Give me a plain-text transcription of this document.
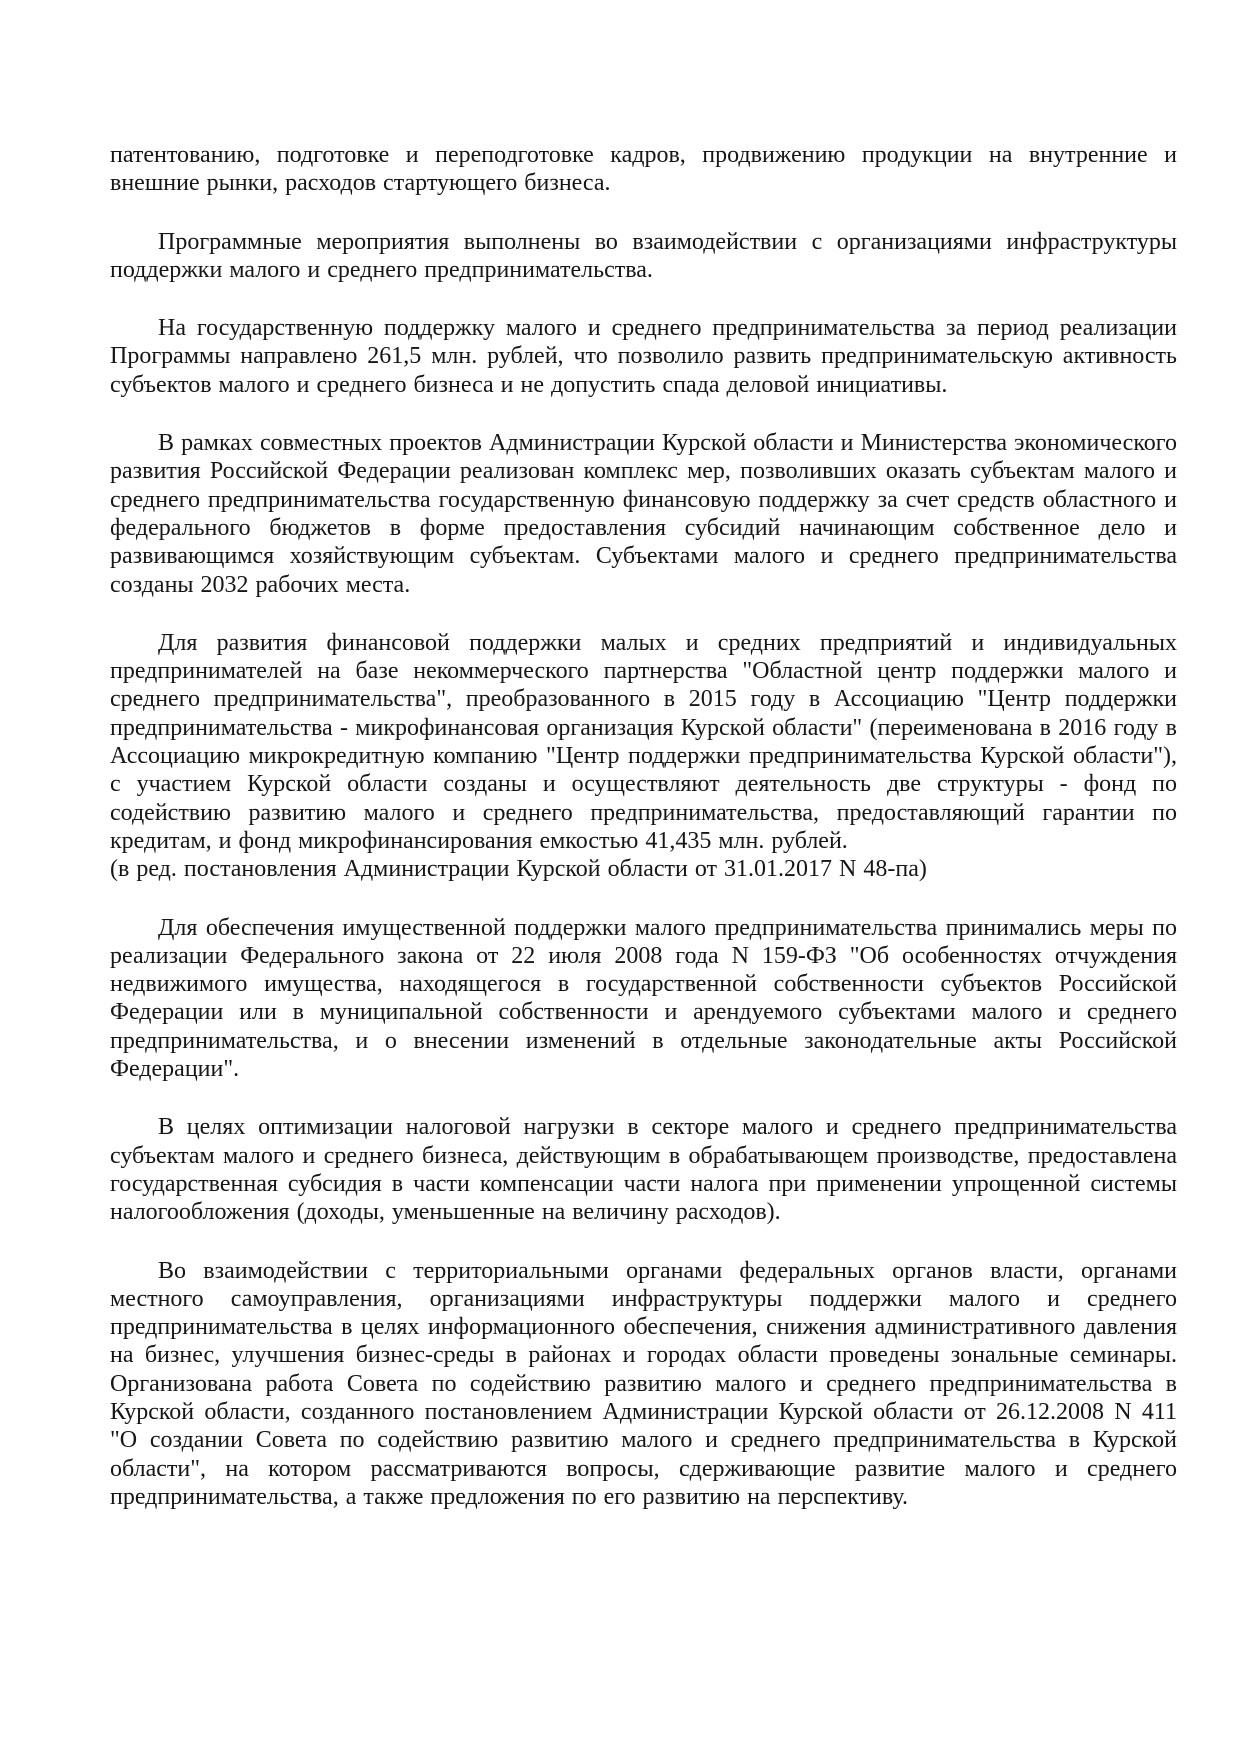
патентованию, подготовке и переподготовке кадров, продвижению продукции на внутренние и внешние рынки, расходов стартующего бизнеса.

Программные мероприятия выполнены во взаимодействии с организациями инфраструктуры поддержки малого и среднего предпринимательства.

На государственную поддержку малого и среднего предпринимательства за период реализации Программы направлено 261,5 млн. рублей, что позволило развить предпринимательскую активность субъектов малого и среднего бизнеса и не допустить спада деловой инициативы.

В рамках совместных проектов Администрации Курской области и Министерства экономического развития Российской Федерации реализован комплекс мер, позволивших оказать субъектам малого и среднего предпринимательства государственную финансовую поддержку за счет средств областного и федерального бюджетов в форме предоставления субсидий начинающим собственное дело и развивающимся хозяйствующим субъектам. Субъектами малого и среднего предпринимательства созданы 2032 рабочих места.

Для развития финансовой поддержки малых и средних предприятий и индивидуальных предпринимателей на базе некоммерческого партнерства "Областной центр поддержки малого и среднего предпринимательства", преобразованного в 2015 году в Ассоциацию "Центр поддержки предпринимательства - микрофинансовая организация Курской области" (переименована в 2016 году в Ассоциацию микрокредитную компанию "Центр поддержки предпринимательства Курской области"), с участием Курской области созданы и осуществляют деятельность две структуры - фонд по содействию развитию малого и среднего предпринимательства, предоставляющий гарантии по кредитам, и фонд микрофинансирования емкостью 41,435 млн. рублей.

(в ред. постановления Администрации Курской области от 31.01.2017 N 48-па)

Для обеспечения имущественной поддержки малого предпринимательства принимались меры по реализации Федерального закона от 22 июля 2008 года N 159-ФЗ "Об особенностях отчуждения недвижимого имущества, находящегося в государственной собственности субъектов Российской Федерации или в муниципальной собственности и арендуемого субъектами малого и среднего предпринимательства, и о внесении изменений в отдельные законодательные акты Российской Федерации".

В целях оптимизации налоговой нагрузки в секторе малого и среднего предпринимательства субъектам малого и среднего бизнеса, действующим в обрабатывающем производстве, предоставлена государственная субсидия в части компенсации части налога при применении упрощенной системы налогообложения (доходы, уменьшенные на величину расходов).

Во взаимодействии с территориальными органами федеральных органов власти, органами местного самоуправления, организациями инфраструктуры поддержки малого и среднего предпринимательства в целях информационного обеспечения, снижения административного давления на бизнес, улучшения бизнес-среды в районах и городах области проведены зональные семинары. Организована работа Совета по содействию развитию малого и среднего предпринимательства в Курской области, созданного постановлением Администрации Курской области от 26.12.2008 N 411 "О создании Совета по содействию развитию малого и среднего предпринимательства в Курской области", на котором рассматриваются вопросы, сдерживающие развитие малого и среднего предпринимательства, а также предложения по его развитию на перспективу.
